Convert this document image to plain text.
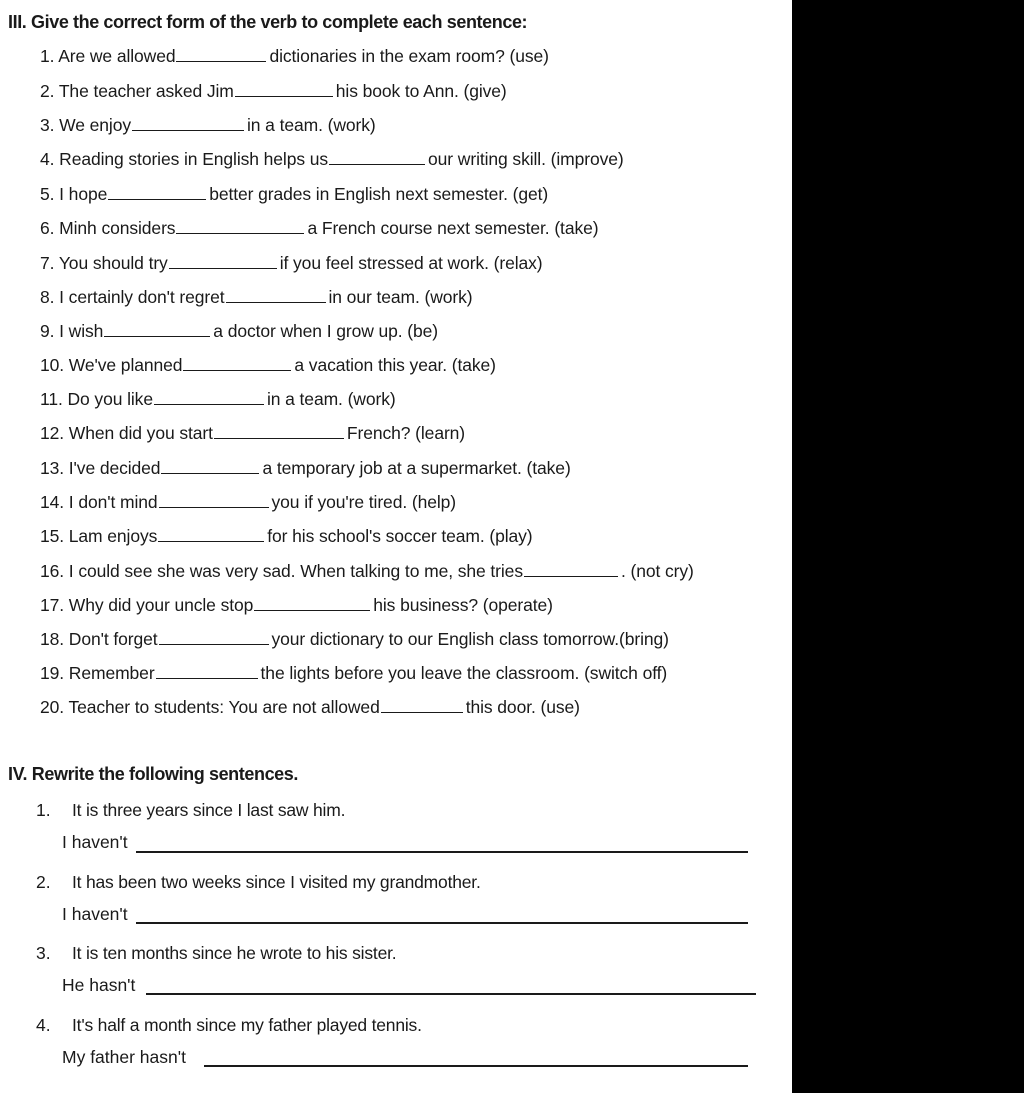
III. Give the correct form of the verb to complete each sentence:
1. Are we allowed	dictionaries in the exam room? (use)
2. The teacher asked Jim	his book to Ann. (give)
3. We enjoy	in a team. (work)
4. Reading stories in English helps us	our writing skill. (improve)
5. I hope	better grades in English next semester. (get)
6. Minh considers	a French course next semester. (take)
7. You should try	if you feel stressed at work. (relax)
8. I certainly don't regret	in our team. (work)
9. I wish	a doctor when I grow up. (be)
10. We've planned	a vacation this year. (take)
11. Do you like	in a team. (work)
12. When did you start	French? (learn)
13. I've decided	a temporary job at a supermarket. (take)
14. I don't mind	you if you're tired. (help)
15. Lam enjoys	for his school's soccer team. (play)
16. I could see she was very sad. When talking to me, she tries	. (not cry)
17. Why did your uncle stop	his business? (operate)
18. Don't forget	your dictionary to our English class tomorrow.(bring)
19. Remember	the lights before you leave the classroom. (switch off)
20. Teacher to students: You are not allowed	this door. (use)
IV. Rewrite the following sentences.
1. It is three years since I last saw him.
I haven't
2. It has been two weeks since I visited my grandmother.
I haven't
3. It is ten months since he wrote to his sister.
He hasn't
4. It's half a month since my father played tennis.
My father hasn't
